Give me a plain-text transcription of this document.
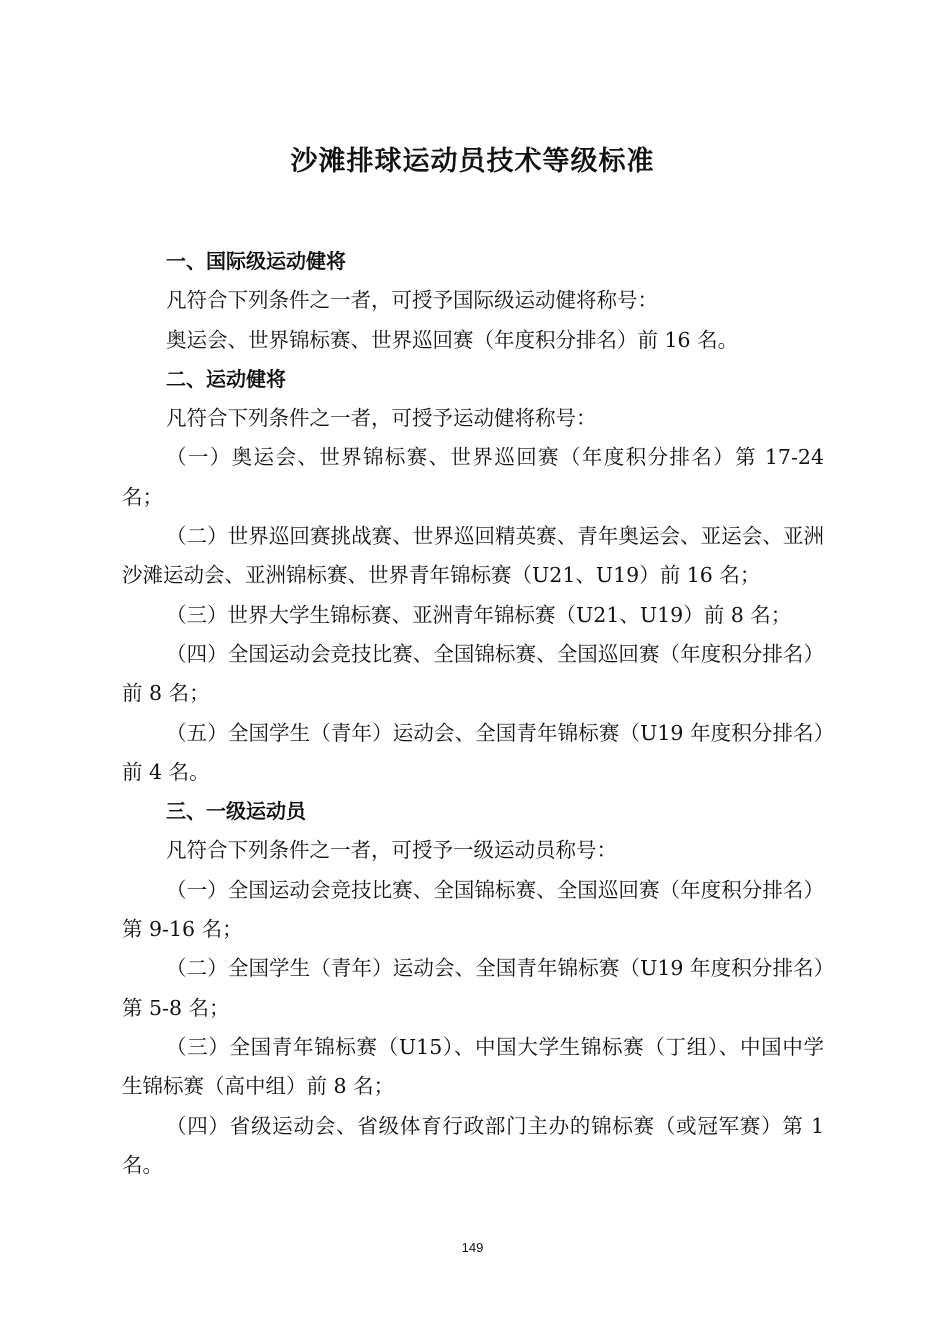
沙滩排球运动员技术等级标准

一、国际级运动健将

凡符合下列条件之一者，可授予国际级运动健将称号：

奥运会、世界锦标赛、世界巡回赛（年度积分排名）前 16 名。

二、运动健将

凡符合下列条件之一者，可授予运动健将称号：

（一）奥运会、世界锦标赛、世界巡回赛（年度积分排名）第 17-24 名；

（二）世界巡回赛挑战赛、世界巡回精英赛、青年奥运会、亚运会、亚洲沙滩运动会、亚洲锦标赛、世界青年锦标赛（U21、U19）前 16 名；

（三）世界大学生锦标赛、亚洲青年锦标赛（U21、U19）前 8 名；

（四）全国运动会竞技比赛、全国锦标赛、全国巡回赛（年度积分排名）前 8 名；

（五）全国学生（青年）运动会、全国青年锦标赛（U19 年度积分排名）前 4 名。

三、一级运动员

凡符合下列条件之一者，可授予一级运动员称号：

（一）全国运动会竞技比赛、全国锦标赛、全国巡回赛（年度积分排名）第 9-16 名；

（二）全国学生（青年）运动会、全国青年锦标赛（U19 年度积分排名）第 5-8 名；

（三）全国青年锦标赛（U15）、中国大学生锦标赛（丁组）、中国中学生锦标赛（高中组）前 8 名；

（四）省级运动会、省级体育行政部门主办的锦标赛（或冠军赛）第 1 名。

149
